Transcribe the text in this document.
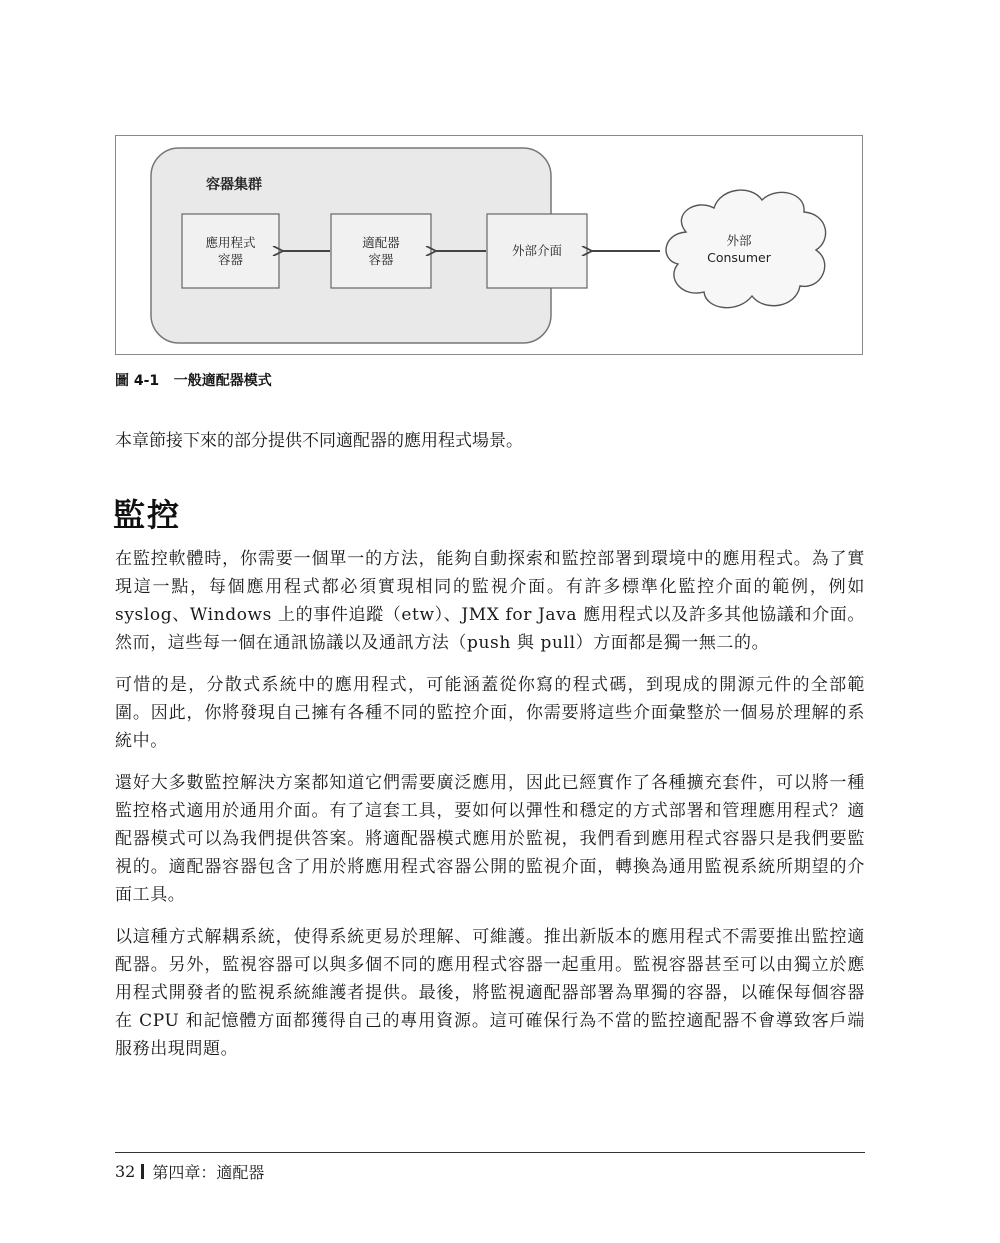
容器集群
應用程式
容器
適配器
容器
外部介面
外部
Consumer
圖 4-1   一般適配器模式
本章節接下來的部分提供不同適配器的應用程式場景。
監控

在監控軟體時，你需要一個單一的方法，能夠自動探索和監控部署到環境中的應用程式。為了實現這一點，每個應用程式都必須實現相同的監視介面。有許多標準化監控介面的範例，例如 syslog、Windows 上的事件追蹤（etw）、JMX for Java 應用程式以及許多其他協議和介面。然而，這些每一個在通訊協議以及通訊方法（push 與 pull）方面都是獨一無二的。

可惜的是，分散式系統中的應用程式，可能涵蓋從你寫的程式碼，到現成的開源元件的全部範圍。因此，你將發現自己擁有各種不同的監控介面，你需要將這些介面彙整於一個易於理解的系統中。

還好大多數監控解決方案都知道它們需要廣泛應用，因此已經實作了各種擴充套件，可以將一種監控格式適用於通用介面。有了這套工具，要如何以彈性和穩定的方式部署和管理應用程式？適配器模式可以為我們提供答案。將適配器模式應用於監視，我們看到應用程式容器只是我們要監視的。適配器容器包含了用於將應用程式容器公開的監視介面，轉換為通用監視系統所期望的介面工具。

以這種方式解耦系統，使得系統更易於理解、可維護。推出新版本的應用程式不需要推出監控適配器。另外，監視容器可以與多個不同的應用程式容器一起重用。監視容器甚至可以由獨立於應用程式開發者的監視系統維護者提供。最後，將監視適配器部署為單獨的容器，以確保每個容器在 CPU 和記憶體方面都獲得自己的專用資源。這可確保行為不當的監控適配器不會導致客戶端服務出現問題。

32 第四章：適配器
